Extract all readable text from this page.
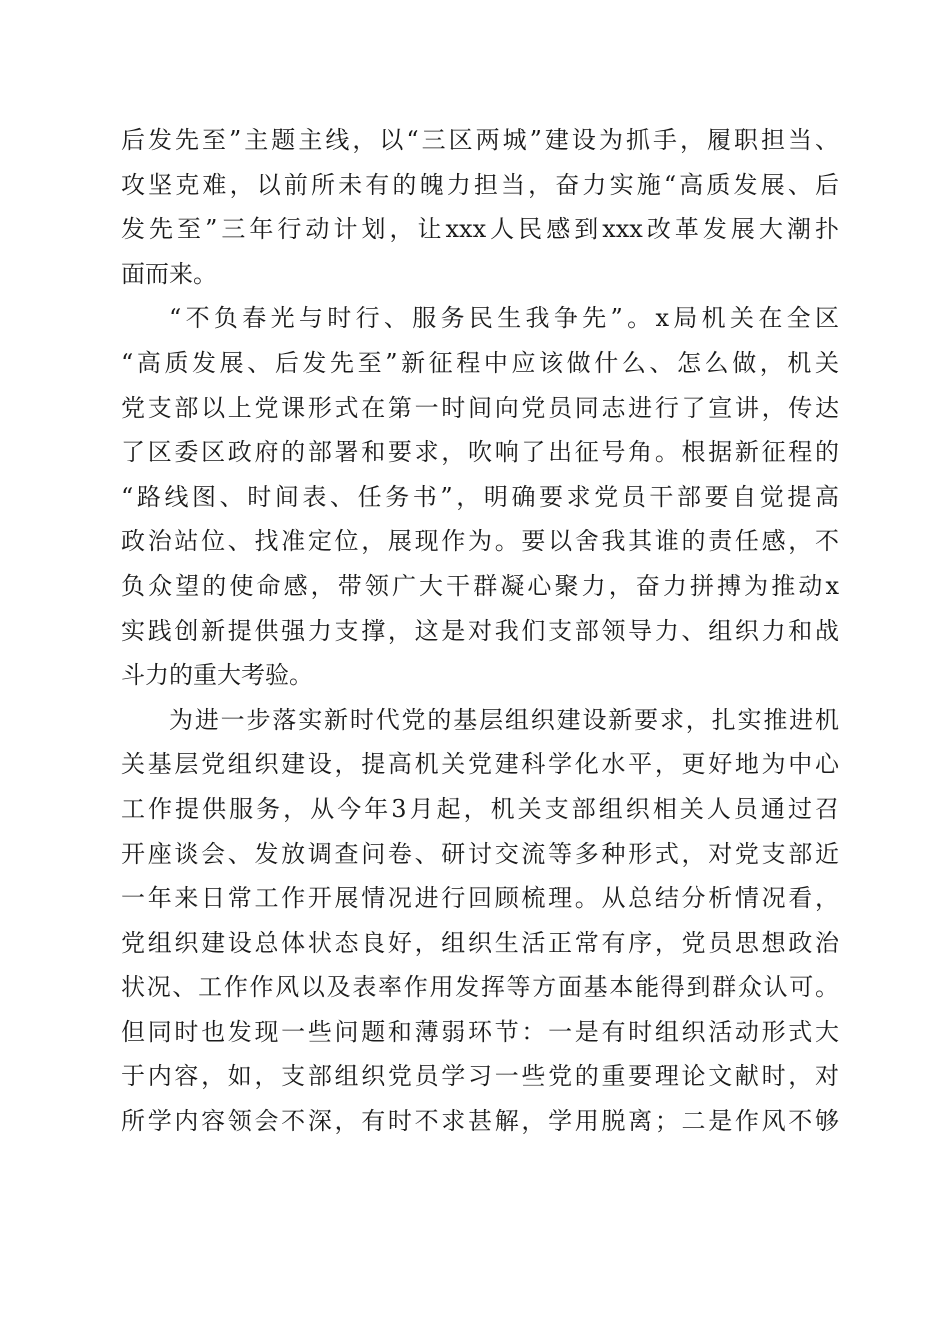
后发先至”主题主线，以“三区两城”建设为抓手，履职担当、
攻坚克难，以前所未有的魄力担当，奋力实施“高质发展、后
发先至”三年行动计划，让xxx人民感到xxx改革发展大潮扑
面而来。
“不负春光与时行、服务民生我争先”。x局机关在全区
“高质发展、后发先至”新征程中应该做什么、怎么做，机关
党支部以上党课形式在第一时间向党员同志进行了宣讲，传达
了区委区政府的部署和要求，吹响了出征号角。根据新征程的
“路线图、时间表、任务书”，明确要求党员干部要自觉提高
政治站位、找准定位，展现作为。要以舍我其谁的责任感，不
负众望的使命感，带领广大干群凝心聚力，奋力拼搏为推动x
实践创新提供强力支撑，这是对我们支部领导力、组织力和战
斗力的重大考验。
为进一步落实新时代党的基层组织建设新要求，扎实推进机
关基层党组织建设，提高机关党建科学化水平，更好地为中心
工作提供服务，从今年3月起，机关支部组织相关人员通过召
开座谈会、发放调查问卷、研讨交流等多种形式，对党支部近
一年来日常工作开展情况进行回顾梳理。从总结分析情况看，
党组织建设总体状态良好，组织生活正常有序，党员思想政治
状况、工作作风以及表率作用发挥等方面基本能得到群众认可。
但同时也发现一些问题和薄弱环节：一是有时组织活动形式大
于内容，如，支部组织党员学习一些党的重要理论文献时，对
所学内容领会不深，有时不求甚解，学用脱离；二是作风不够
